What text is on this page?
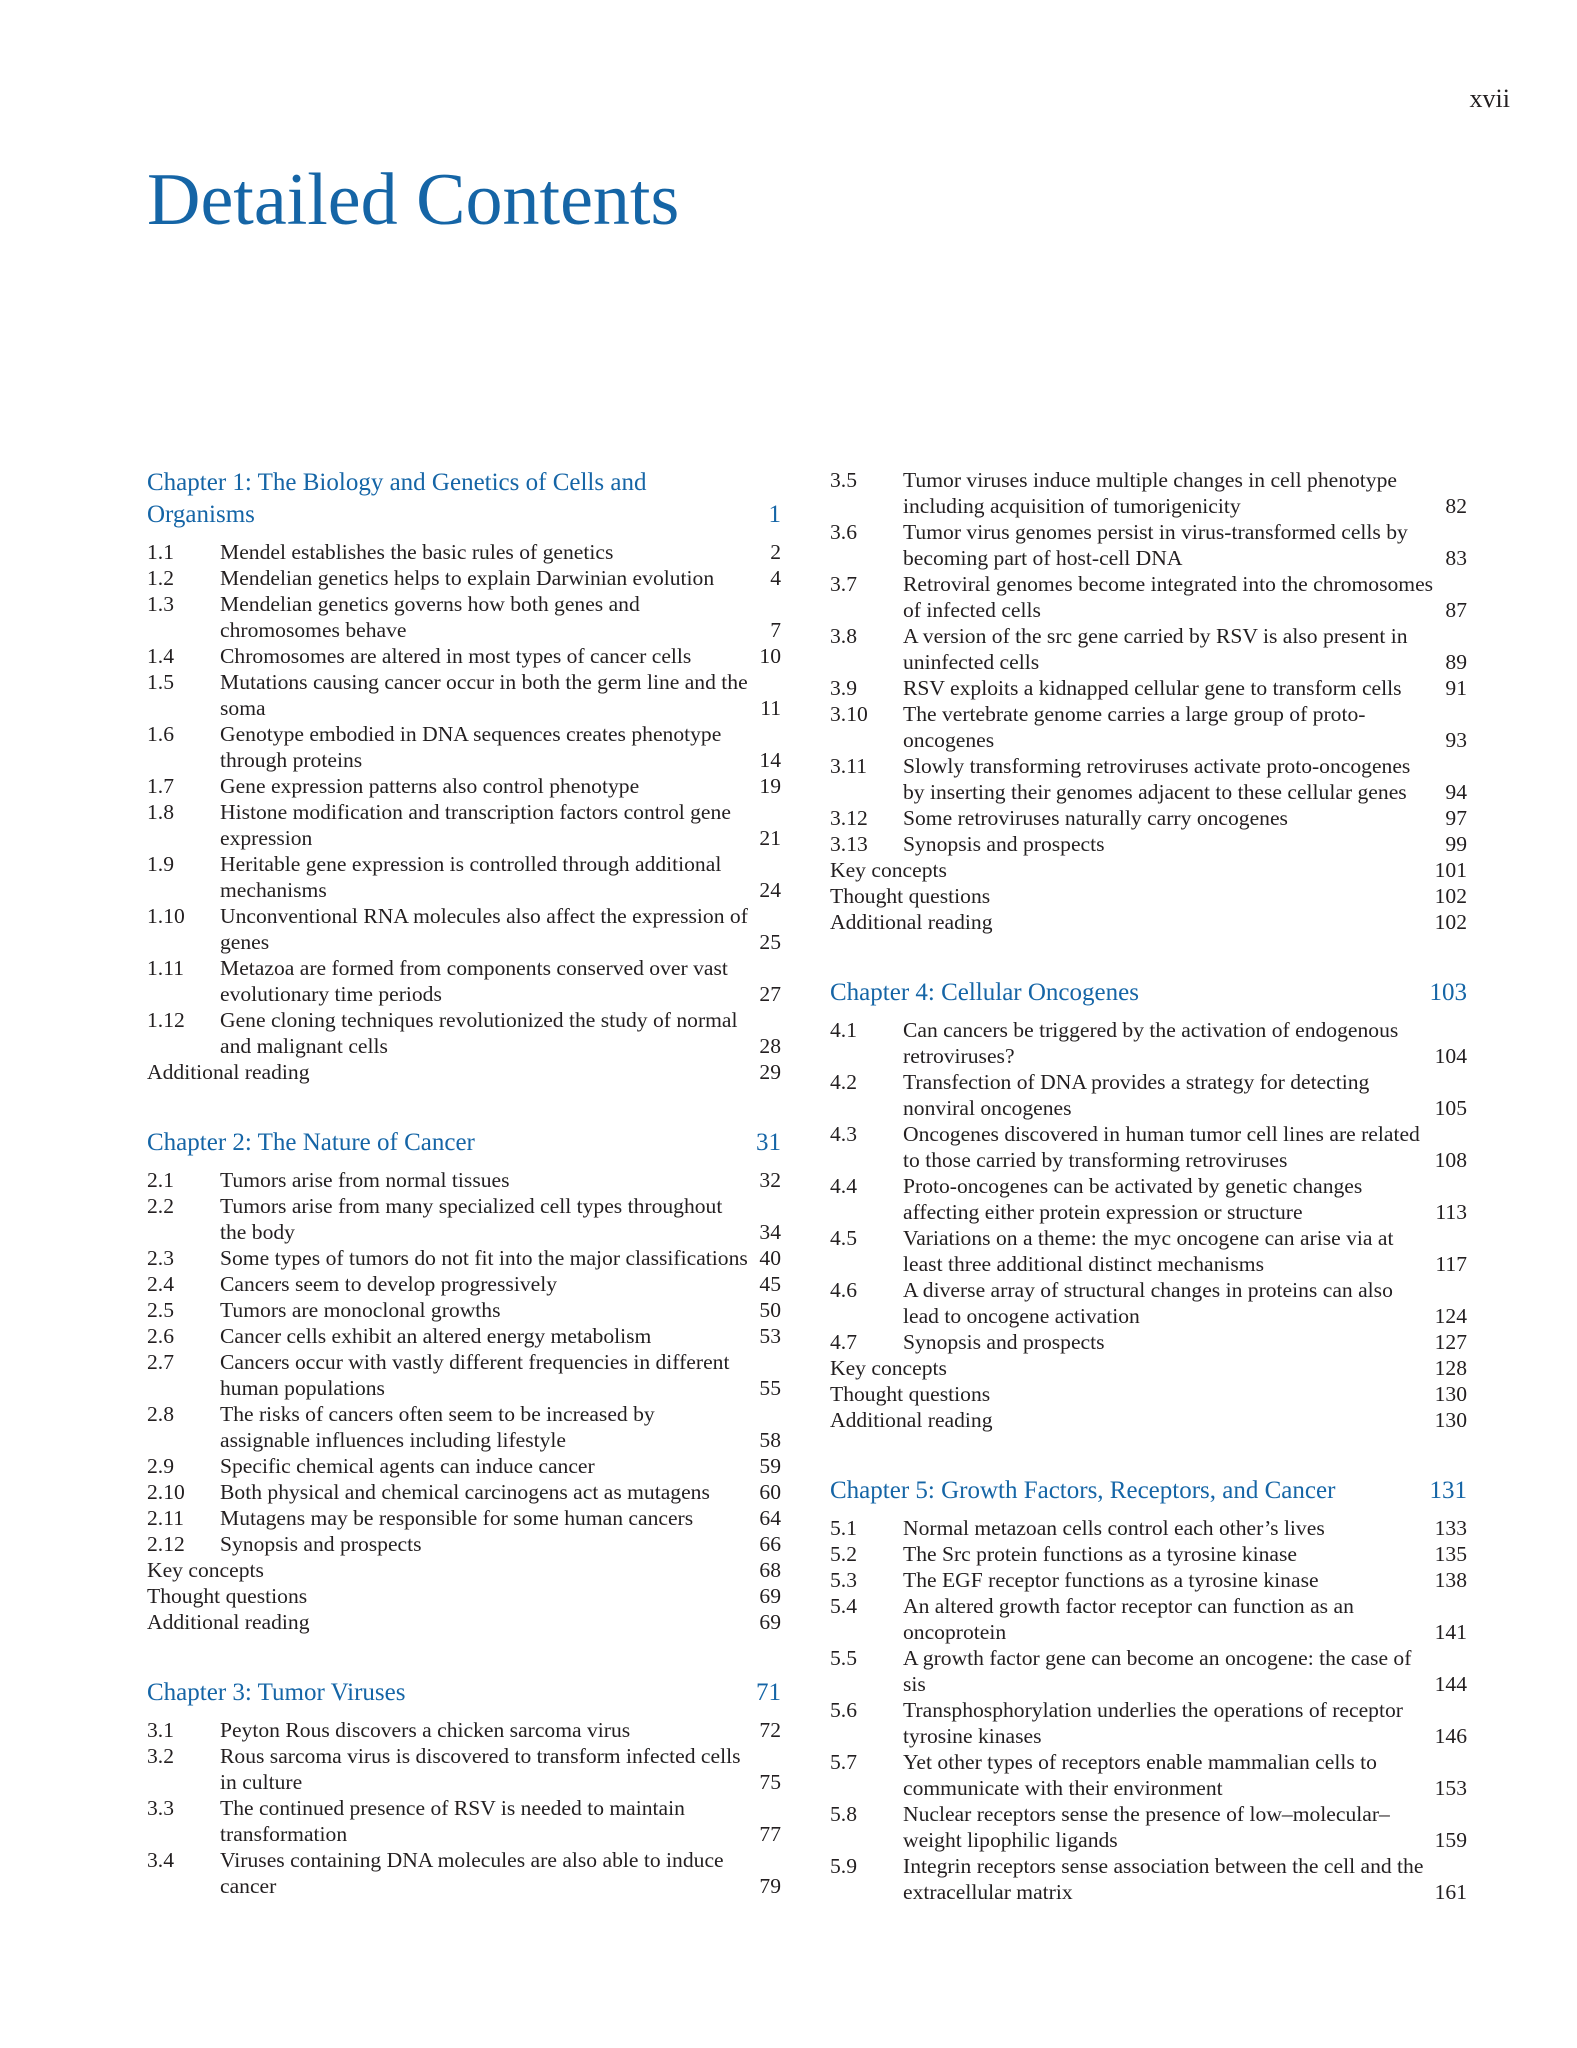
xvii
Detailed Contents
Chapter 1: The Biology and Genetics of Cells and Organisms	1
1.1	Mendel establishes the basic rules of genetics	2
1.2	Mendelian genetics helps to explain Darwinian evolution	4
1.3	Mendelian genetics governs how both genes and chromosomes behave	7
1.4	Chromosomes are altered in most types of cancer cells	10
1.5	Mutations causing cancer occur in both the germ line and the soma	11
1.6	Genotype embodied in DNA sequences creates phenotype through proteins	14
1.7	Gene expression patterns also control phenotype	19
1.8	Histone modification and transcription factors control gene expression	21
1.9	Heritable gene expression is controlled through additional mechanisms	24
1.10	Unconventional RNA molecules also affect the expression of genes	25
1.11	Metazoa are formed from components conserved over vast evolutionary time periods	27
1.12	Gene cloning techniques revolutionized the study of normal and malignant cells	28
Additional reading	29
Chapter 2: The Nature of Cancer	31
2.1	Tumors arise from normal tissues	32
2.2	Tumors arise from many specialized cell types throughout the body	34
2.3	Some types of tumors do not fit into the major classifications 40
2.4	Cancers seem to develop progressively	45
2.5	Tumors are monoclonal growths	50
2.6	Cancer cells exhibit an altered energy metabolism	53
2.7	Cancers occur with vastly different frequencies in different human populations	55
2.8	The risks of cancers often seem to be increased by assignable influences including lifestyle	58
2.9	Specific chemical agents can induce cancer	59
2.10	Both physical and chemical carcinogens act as mutagens	60
2.11	Mutagens may be responsible for some human cancers	64
2.12	Synopsis and prospects	66
Key concepts	68
Thought questions	69
Additional reading	69
Chapter 3: Tumor Viruses	71
3.1	Peyton Rous discovers a chicken sarcoma virus	72
3.2	Rous sarcoma virus is discovered to transform infected cells in culture	75
3.3	The continued presence of RSV is needed to maintain transformation	77
3.4	Viruses containing DNA molecules are also able to induce cancer	79
3.5	Tumor viruses induce multiple changes in cell phenotype including acquisition of tumorigenicity	82
3.6	Tumor virus genomes persist in virus-transformed cells by becoming part of host-cell DNA	83
3.7	Retroviral genomes become integrated into the chromosomes of infected cells	87
3.8	A version of the src gene carried by RSV is also present in uninfected cells	89
3.9	RSV exploits a kidnapped cellular gene to transform cells	91
3.10	The vertebrate genome carries a large group of proto-oncogenes	93
3.11	Slowly transforming retroviruses activate proto-oncogenes by inserting their genomes adjacent to these cellular genes	94
3.12	Some retroviruses naturally carry oncogenes	97
3.13	Synopsis and prospects	99
Key concepts	101
Thought questions	102
Additional reading	102
Chapter 4: Cellular Oncogenes	103
4.1	Can cancers be triggered by the activation of endogenous retroviruses?	104
4.2	Transfection of DNA provides a strategy for detecting nonviral oncogenes	105
4.3	Oncogenes discovered in human tumor cell lines are related to those carried by transforming retroviruses	108
4.4	Proto-oncogenes can be activated by genetic changes affecting either protein expression or structure	113
4.5	Variations on a theme: the myc oncogene can arise via at least three additional distinct mechanisms	117
4.6	A diverse array of structural changes in proteins can also lead to oncogene activation	124
4.7	Synopsis and prospects	127
Key concepts	128
Thought questions	130
Additional reading	130
Chapter 5: Growth Factors, Receptors, and Cancer	131
5.1	Normal metazoan cells control each other’s lives	133
5.2	The Src protein functions as a tyrosine kinase	135
5.3	The EGF receptor functions as a tyrosine kinase	138
5.4	An altered growth factor receptor can function as an oncoprotein	141
5.5	A growth factor gene can become an oncogene: the case of sis	144
5.6	Transphosphorylation underlies the operations of receptor tyrosine kinases	146
5.7	Yet other types of receptors enable mammalian cells to communicate with their environment	153
5.8	Nuclear receptors sense the presence of low–molecular–weight lipophilic ligands	159
5.9	Integrin receptors sense association between the cell and the extracellular matrix	161
